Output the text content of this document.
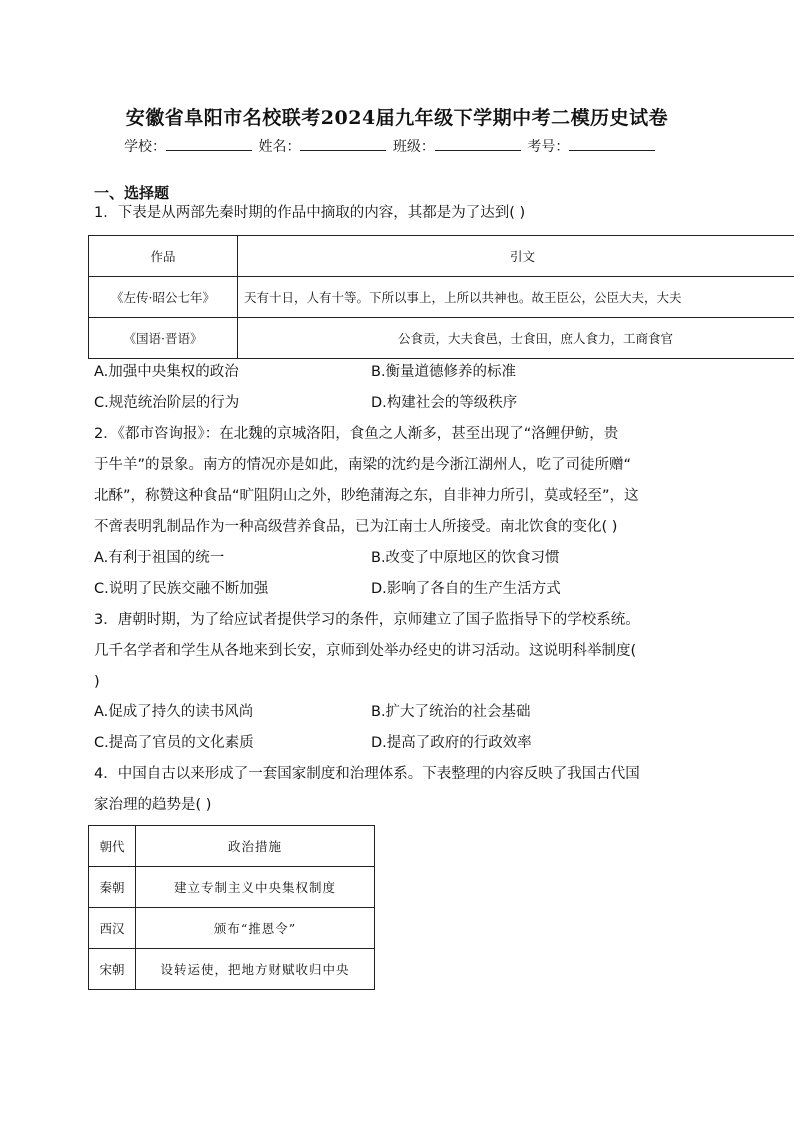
安徽省阜阳市名校联考2024届九年级下学期中考二模历史试卷
学校：	姓名：	班级：	考号：
一、选择题
1．下表是从两部先秦时期的作品中摘取的内容，其都是为了达到( )
作品	引文
《左传·昭公七年》	天有十日，人有十等。下所以事上，上所以共神也。故王臣公，公臣大夫，大夫
《国语·晋语》	公食贡，大夫食邑，士食田，庶人食力，工商食官
A.加强中央集权的政治	B.衡量道德修养的标准
C.规范统治阶层的行为	D.构建社会的等级秩序
2．《都市咨询报》：在北魏的京城洛阳，食鱼之人渐多，甚至出现了“洛鲤伊鲂，贵
于牛羊”的景象。南方的情况亦是如此，南梁的沈约是今浙江湖州人，吃了司徒所赠“
北酥”，称赞这种食品“旷阻阴山之外，眇绝蒲海之东，自非神力所引，莫或轻至”，这
不啻表明乳制品作为一种高级营养食品，已为江南士人所接受。南北饮食的变化( )
A.有利于祖国的统一	B.改变了中原地区的饮食习惯
C.说明了民族交融不断加强	D.影响了各自的生产生活方式
3．唐朝时期，为了给应试者提供学习的条件，京师建立了国子监指导下的学校系统。
几千名学者和学生从各地来到长安，京师到处举办经史的讲习活动。这说明科举制度(
)
A.促成了持久的读书风尚	B.扩大了统治的社会基础
C.提高了官员的文化素质	D.提高了政府的行政效率
4．中国自古以来形成了一套国家制度和治理体系。下表整理的内容反映了我国古代国
家治理的趋势是( )
朝代	政治措施
秦朝	建立专制主义中央集权制度
西汉	颁布“推恩令”
宋朝	设转运使，把地方财赋收归中央
